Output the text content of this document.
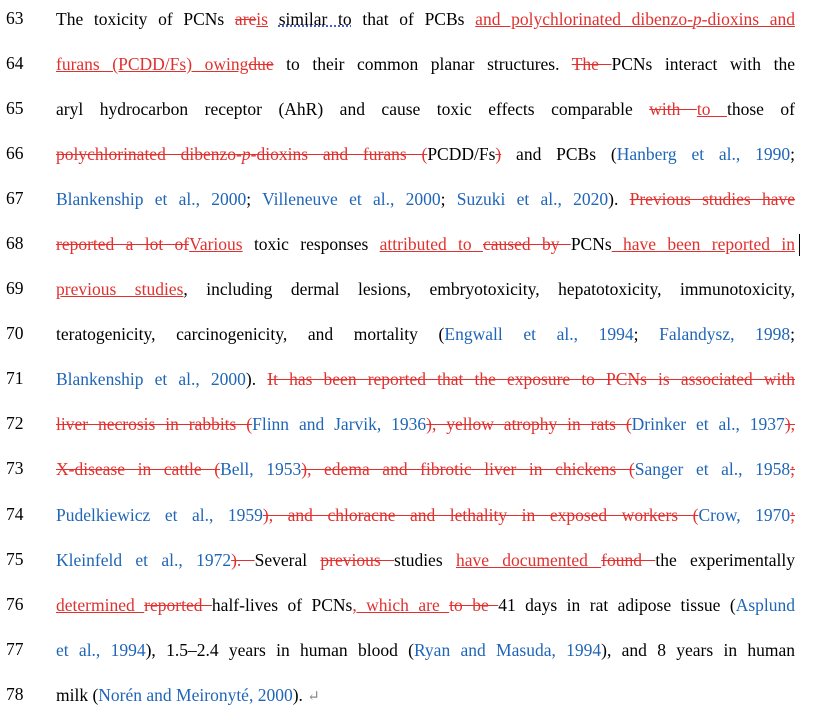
63	The toxicity of PCNs areis similar to that of PCBs and polychlorinated dibenzo-p-dioxins and
64	furans (PCDD/Fs) owingdue to their common planar structures. The PCNs interact with the
65	aryl hydrocarbon receptor (AhR) and cause toxic effects comparable with to those of
66	polychlorinated dibenzo-p-dioxins and furans (PCDD/Fs) and PCBs (Hanberg et al., 1990;
67	Blankenship et al., 2000; Villeneuve et al., 2000; Suzuki et al., 2020). Previous studies have
68	reported a lot ofVarious toxic responses attributed to caused by PCNs have been reported in
69	previous studies, including dermal lesions, embryotoxicity, hepatotoxicity, immunotoxicity,
70	teratogenicity, carcinogenicity, and mortality (Engwall et al., 1994; Falandysz, 1998;
71	Blankenship et al., 2000). It has been reported that the exposure to PCNs is associated with
72	liver necrosis in rabbits (Flinn and Jarvik, 1936), yellow atrophy in rats (Drinker et al., 1937),
73	X-disease in cattle (Bell, 1953), edema and fibrotic liver in chickens (Sanger et al., 1958;
74	Pudelkiewicz et al., 1959), and chloracne and lethality in exposed workers (Crow, 1970;
75	Kleinfeld et al., 1972). Several previous studies have documented found the experimentally
76	determined reported half-lives of PCNs, which are to be 41 days in rat adipose tissue (Asplund
77	et al., 1994), 1.5–2.4 years in human blood (Ryan and Masuda, 1994), and 8 years in human
78	milk (Norén and Meironyté, 2000). ↵
